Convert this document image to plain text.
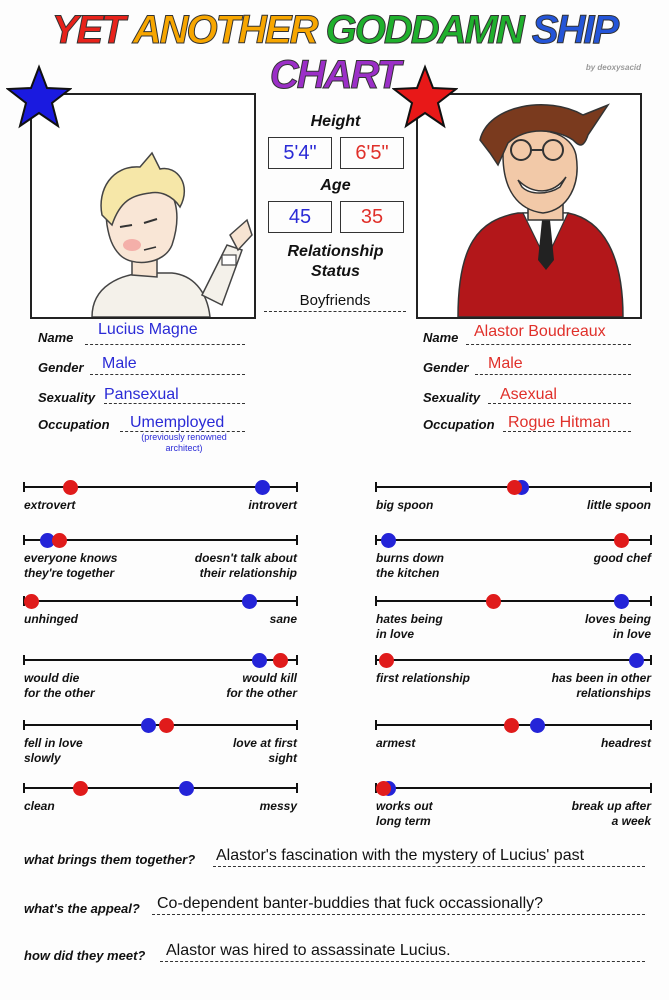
YET ANOTHER GODDAMN SHIP CHART	by deoxysacid
Height
5'4"	6'5"
Age
45	35
Relationship
Status
Boyfriends
Name Lucius Magne
Gender Male
Sexuality Pansexual
Occupation Umemployed
(previously renowned
architect)
Name Alastor Boudreaux
Gender Male
Sexuality Asexual
Occupation Rogue Hitman
extrovert	introvert
everyone knows
they're together
doesn't talk about
their relationship
unhinged	sane
would die
for the other
would kill
for the other
fell in love
slowly
love at first
sight
clean	messy
big spoon	little spoon
burns down
the kitchen
good chef
hates being
in love
loves being
in love
first relationship	has been in other
relationships
armest	headrest
works out
long term
break up after
a week
what brings them together? Alastor's fascination with the mystery of Lucius' past
what's the appeal? Co-dependent banter-buddies that fuck occassionally?
how did they meet? Alastor was hired to assassinate Lucius.
